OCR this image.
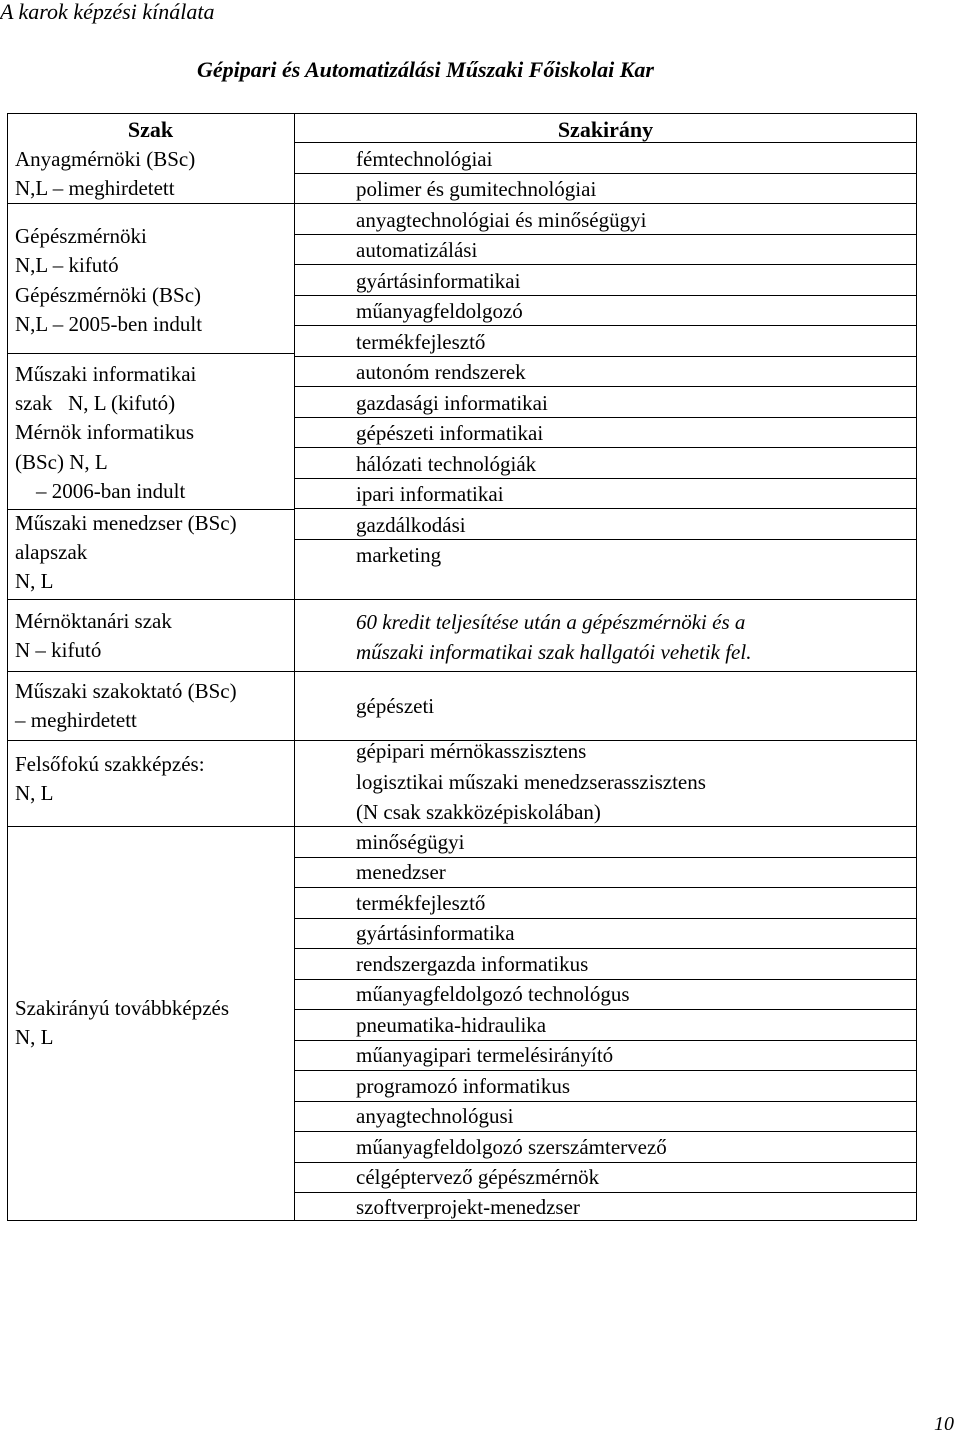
A karok képzési kínálata
Gépipari és Automatizálási Műszaki Főiskolai Kar
Szak	Szakirány
Anyagmérnöki (BSc)
N,L – meghirdetett
Gépészmérnöki
N,L – kifutó
Gépészmérnöki (BSc)
N,L – 2005-ben indult
Műszaki informatikai
szak   N, L (kifutó)
Mérnök informatikus
(BSc) N, L
– 2006-ban indult
Műszaki menedzser (BSc)
alapszak
N, L
Mérnöktanári szak
N – kifutó
Műszaki szakoktató (BSc)
– meghirdetett
Felsőfokú szakképzés:
N, L
Szakirányú továbbképzés
N, L
fémtechnológiai
polimer és gumitechnológiai
anyagtechnológiai és minőségügyi
automatizálási
gyártásinformatikai
műanyagfeldolgozó
termékfejlesztő
autonóm rendszerek
gazdasági informatikai
gépészeti informatikai
hálózati technológiák
ipari informatikai
gazdálkodási
marketing
60 kredit teljesítése után a gépészmérnöki és a
műszaki informatikai szak hallgatói vehetik fel.
gépészeti
gépipari mérnökasszisztens
logisztikai műszaki menedzserasszisztens
(N csak szakközépiskolában)
minőségügyi
menedzser
termékfejlesztő
gyártásinformatika
rendszergazda informatikus
műanyagfeldolgozó technológus
pneumatika-hidraulika
műanyagipari termelésirányító
programozó informatikus
anyagtechnológusi
műanyagfeldolgozó szerszámtervező
célgéptervező gépészmérnök
szoftverprojekt-menedzser
10
